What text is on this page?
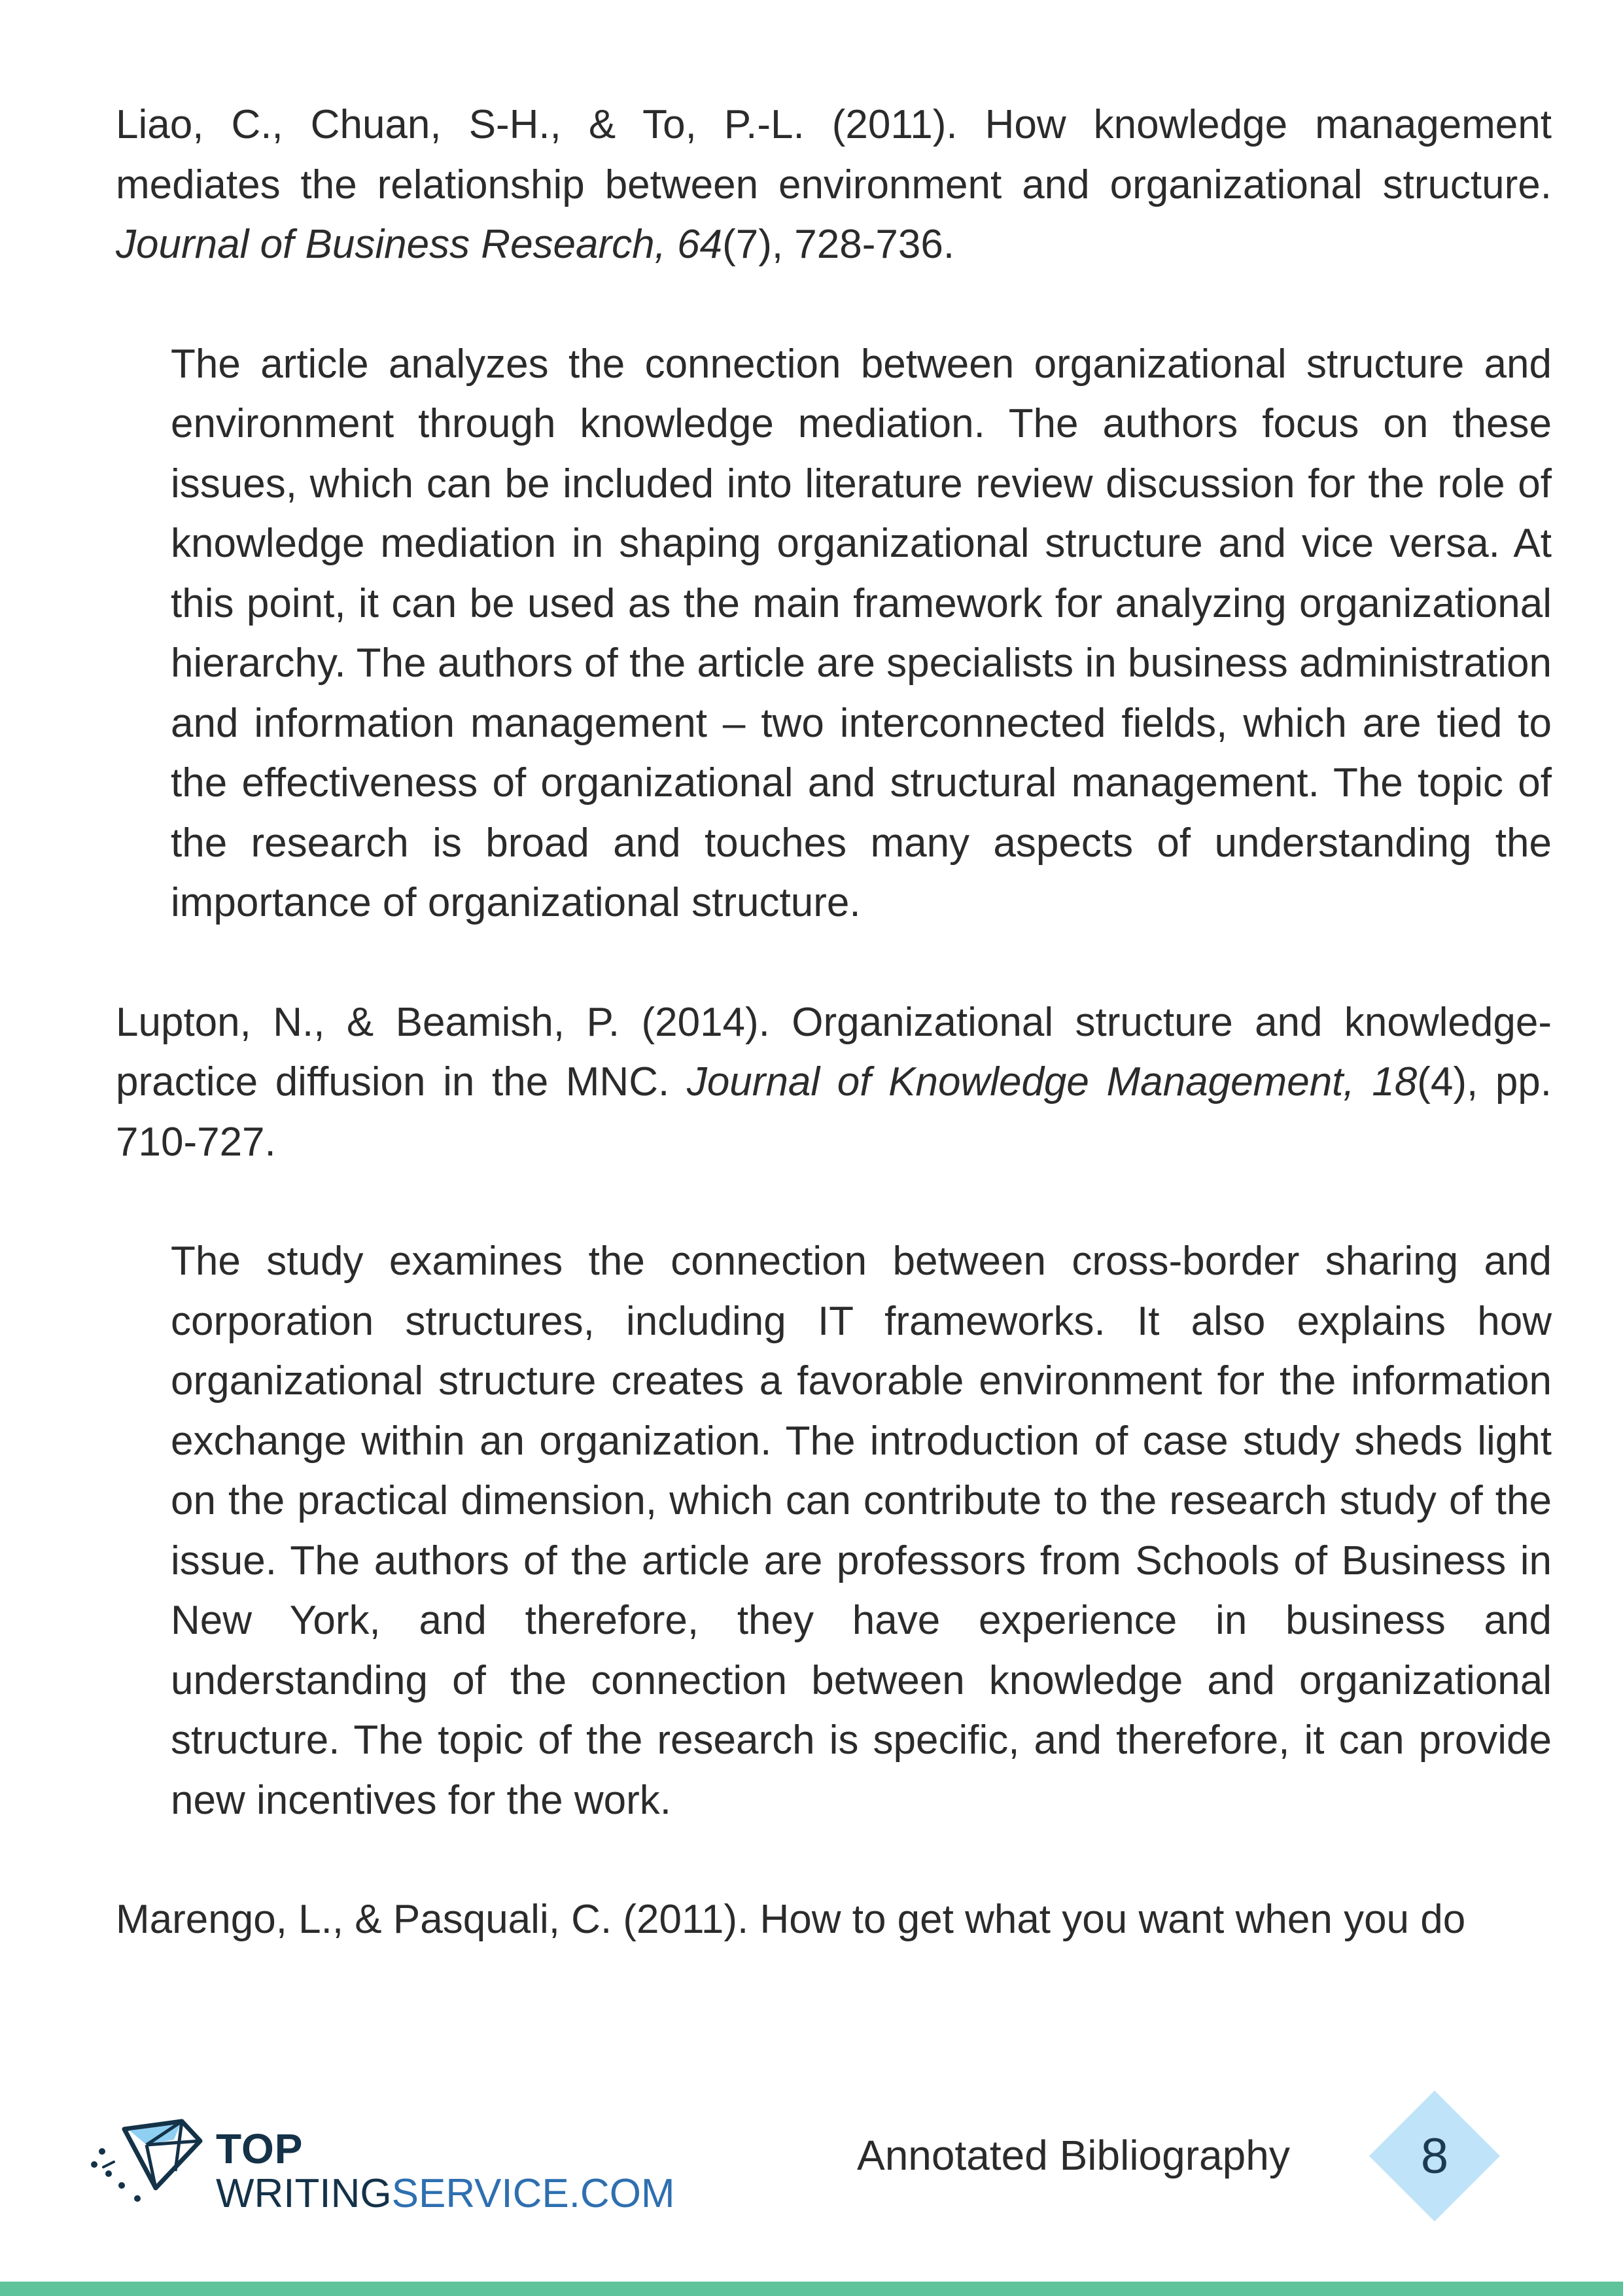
Liao, C., Chuan, S-H., & To, P.-L. (2011). How knowledge management mediates the relationship between environment and organizational structure. Journal of Business Research, 64(7), 728-736.

The article analyzes the connection between organizational structure and environment through knowledge mediation. The authors focus on these issues, which can be included into literature review discussion for the role of knowledge mediation in shaping organizational structure and vice versa. At this point, it can be used as the main framework for analyzing organizational hierarchy. The authors of the article are specialists in business administration and information management – two interconnected fields, which are tied to the effectiveness of organizational and structural management. The topic of the research is broad and touches many aspects of understanding the importance of organizational structure.

Lupton, N., & Beamish, P. (2014). Organizational structure and knowledge-practice diffusion in the MNC. Journal of Knowledge Management, 18(4), pp. 710-727.

The study examines the connection between cross-border sharing and corporation structures, including IT frameworks. It also explains how organizational structure creates a favorable environment for the information exchange within an organization. The introduction of case study sheds light on the practical dimension, which can contribute to the research study of the issue. The authors of the article are professors from Schools of Business in New York, and therefore, they have experience in business and understanding of the connection between knowledge and organizational structure. The topic of the research is specific, and therefore, it can provide new incentives for the work.

Marengo, L., & Pasquali, C. (2011). How to get what you want when you do

TOP
WRITINGSERVICE.COM
Annotated Bibliography	8
